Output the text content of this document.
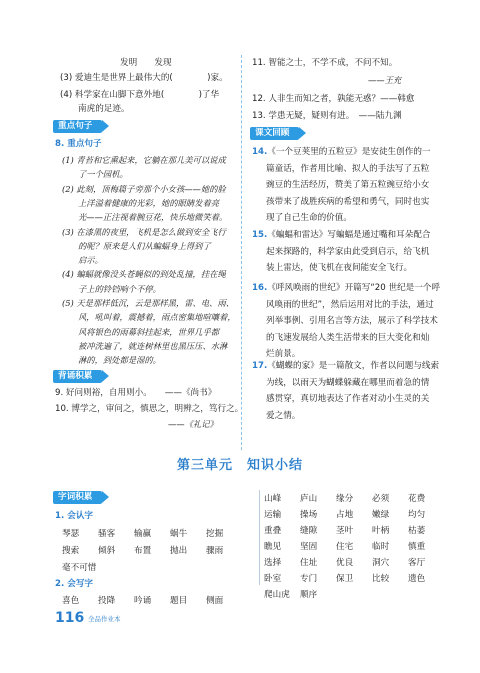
发明　　发现
(3) 爱迪生是世界上最伟大的(　　　　)家。
(4) 科学家在山脚下意外地(　　　　)了华
南虎的足迹。
重点句子
8. 重点句子
(1) 青苔和它熏起来，它躺在那儿美可以说成
了一个园机。
(2) 此刻，顶梅篇子旁那个小女孩——她的脸
上洋溢着健康的光彩，她的眼睛发着亮
光——正注视着腕豆花，快乐地微笑着。
(3) 在漆黑的夜里，飞机是怎么做到安全飞行
的呢？原来是人们从蝙蝠身上得到了
启示。
(4) 蝙蝠就像没头苍蝇似的到处乱撞，挂在绳
子上的铃铛响个不停。
(5) 天是那样低沉，云是那样黑，雷、电、雨、
风，吼叫着，震撼着，雨点密集地喧嚷着，
风将银色的雨幕斜挂起来，世界几乎都
被冲洗遍了，就连树林里也黑压压、水淋
淋的，到处都是湿的。
背诵积累
9. 好问则裕，自用则小。　　——《尚书》
10. 博学之，审问之，慎思之，明辨之，笃行之。
——《礼记》
11. 智能之士，不学不成，不问不知。
——王充
12. 人非生而知之者，孰能无惑？——韩愈
13. 学患无疑，疑则有进。　——陆九渊
课文回顾
14.《一个豆荚里的五粒豆》是安徒生创作的一
篇童话，作者用比喻、拟人的手法写了五粒
豌豆的生活经历，赞美了第五粒豌豆给小女
孩带来了战胜疾病的希望和勇气，同时也实
现了自己生命的价值。
15.《蝙蝠和雷达》写蝙蝠是通过嘴和耳朵配合
起来探路的，科学家由此受到启示，给飞机
装上雷达，使飞机在夜间能安全飞行。
16.《呼风唤雨的世纪》开篇写“20 世纪是一个呼
风唤雨的世纪”，然后运用对比的手法，通过
列举事例、引用名言等方法，展示了科学技术
的飞速发展给人类生活带来的巨大变化和灿
烂前景。
17.《蝴蝶的家》是一篇散文，作者以问题与线索
为线，以雨天为蝴蝶躲藏在哪里而着急的情
感贯穿，真切地表达了作者对动小生灵的关
爱之情。
第三单元　知识小结
字词积累
1. 会认字
琴瑟 骚客 输赢 蜗牛 挖掘
搜索 倾斜 布置 抛出 骤雨
毫不可惜
喜色 投降 吟诵 题目 侧面
2. 会写字
山峰 庐山 缘分 必须 花费
运输 操场 占地 嫩绿 均匀
重叠 缝隙 茎叶 叶柄 枯萎
瞧见 坚固 住宅 临时 慎重
选择 住址 优良 洞穴 客厅
卧室 专门 保卫 比较 遗色
爬山虎 顺序
116 全品作业本
